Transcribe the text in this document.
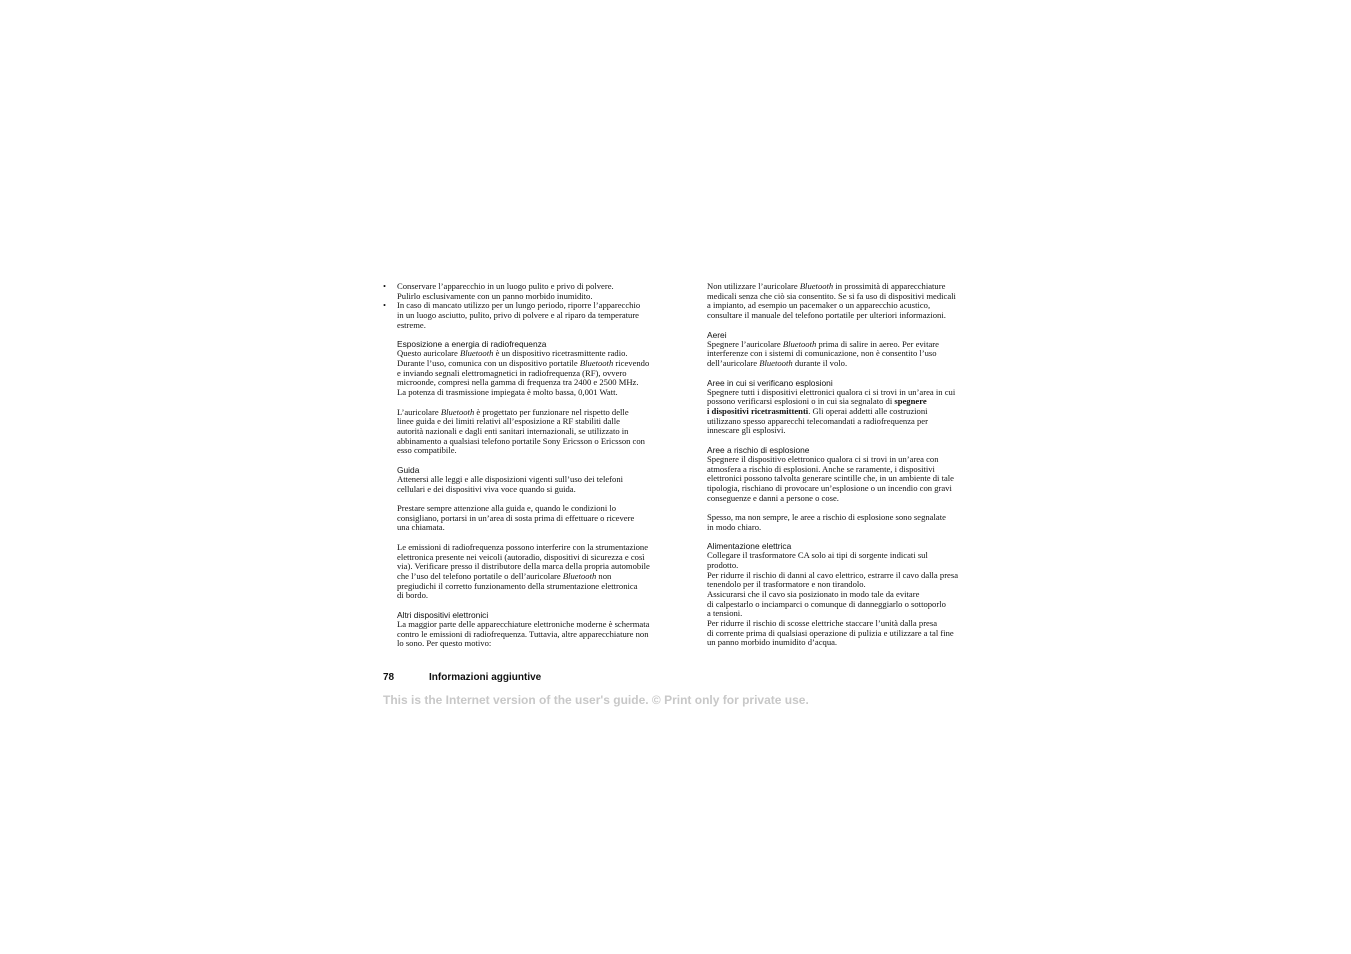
• Conservare l’apparecchio in un luogo pulito e privo di polvere.
Pulirlo esclusivamente con un panno morbido inumidito.
• In caso di mancato utilizzo per un lungo periodo, riporre l’apparecchio
in un luogo asciutto, pulito, privo di polvere e al riparo da temperature
estreme.
Esposizione a energia di radiofrequenza
Questo auricolare Bluetooth è un dispositivo ricetrasmittente radio.
Durante l’uso, comunica con un dispositivo portatile Bluetooth ricevendo
e inviando segnali elettromagnetici in radiofrequenza (RF), ovvero
microonde, compresi nella gamma di frequenza tra 2400 e 2500 MHz.
La potenza di trasmissione impiegata è molto bassa, 0,001 Watt.
L’auricolare Bluetooth è progettato per funzionare nel rispetto delle
linee guida e dei limiti relativi all’esposizione a RF stabiliti dalle
autorità nazionali e dagli enti sanitari internazionali, se utilizzato in
abbinamento a qualsiasi telefono portatile Sony Ericsson o Ericsson con
esso compatibile.
Guida
Attenersi alle leggi e alle disposizioni vigenti sull’uso dei telefoni
cellulari e dei dispositivi viva voce quando si guida.
Prestare sempre attenzione alla guida e, quando le condizioni lo
consigliano, portarsi in un’area di sosta prima di effettuare o ricevere
una chiamata.
Le emissioni di radiofrequenza possono interferire con la strumentazione
elettronica presente nei veicoli (autoradio, dispositivi di sicurezza e così
via). Verificare presso il distributore della marca della propria automobile
che l’uso del telefono portatile o dell’auricolare Bluetooth non
pregiudichi il corretto funzionamento della strumentazione elettronica
di bordo.
Altri dispositivi elettronici
La maggior parte delle apparecchiature elettroniche moderne è schermata
contro le emissioni di radiofrequenza. Tuttavia, altre apparecchiature non
lo sono. Per questo motivo:
Non utilizzare l’auricolare Bluetooth in prossimità di apparecchiature
medicali senza che ciò sia consentito. Se si fa uso di dispositivi medicali
a impianto, ad esempio un pacemaker o un apparecchio acustico,
consultare il manuale del telefono portatile per ulteriori informazioni.
Aerei
Spegnere l’auricolare Bluetooth prima di salire in aereo. Per evitare
interferenze con i sistemi di comunicazione, non è consentito l’uso
dell’auricolare Bluetooth durante il volo.
Aree in cui si verificano esplosioni
Spegnere tutti i dispositivi elettronici qualora ci si trovi in un’area in cui
possono verificarsi esplosioni o in cui sia segnalato di spegnere
i dispositivi ricetrasmittenti. Gli operai addetti alle costruzioni
utilizzano spesso apparecchi telecomandati a radiofrequenza per
innescare gli esplosivi.
Aree a rischio di esplosione
Spegnere il dispositivo elettronico qualora ci si trovi in un’area con
atmosfera a rischio di esplosioni. Anche se raramente, i dispositivi
elettronici possono talvolta generare scintille che, in un ambiente di tale
tipologia, rischiano di provocare un’esplosione o un incendio con gravi
conseguenze e danni a persone o cose.
Spesso, ma non sempre, le aree a rischio di esplosione sono segnalate
in modo chiaro.
Alimentazione elettrica
Collegare il trasformatore CA solo ai tipi di sorgente indicati sul
prodotto.
Per ridurre il rischio di danni al cavo elettrico, estrarre il cavo dalla presa
tenendolo per il trasformatore e non tirandolo.
Assicurarsi che il cavo sia posizionato in modo tale da evitare
di calpestarlo o inciamparci o comunque di danneggiarlo o sottoporlo
a tensioni.
Per ridurre il rischio di scosse elettriche staccare l’unità dalla presa
di corrente prima di qualsiasi operazione di pulizia e utilizzare a tal fine
un panno morbido inumidito d’acqua.
78	Informazioni aggiuntive
This is the Internet version of the user's guide. © Print only for private use.
